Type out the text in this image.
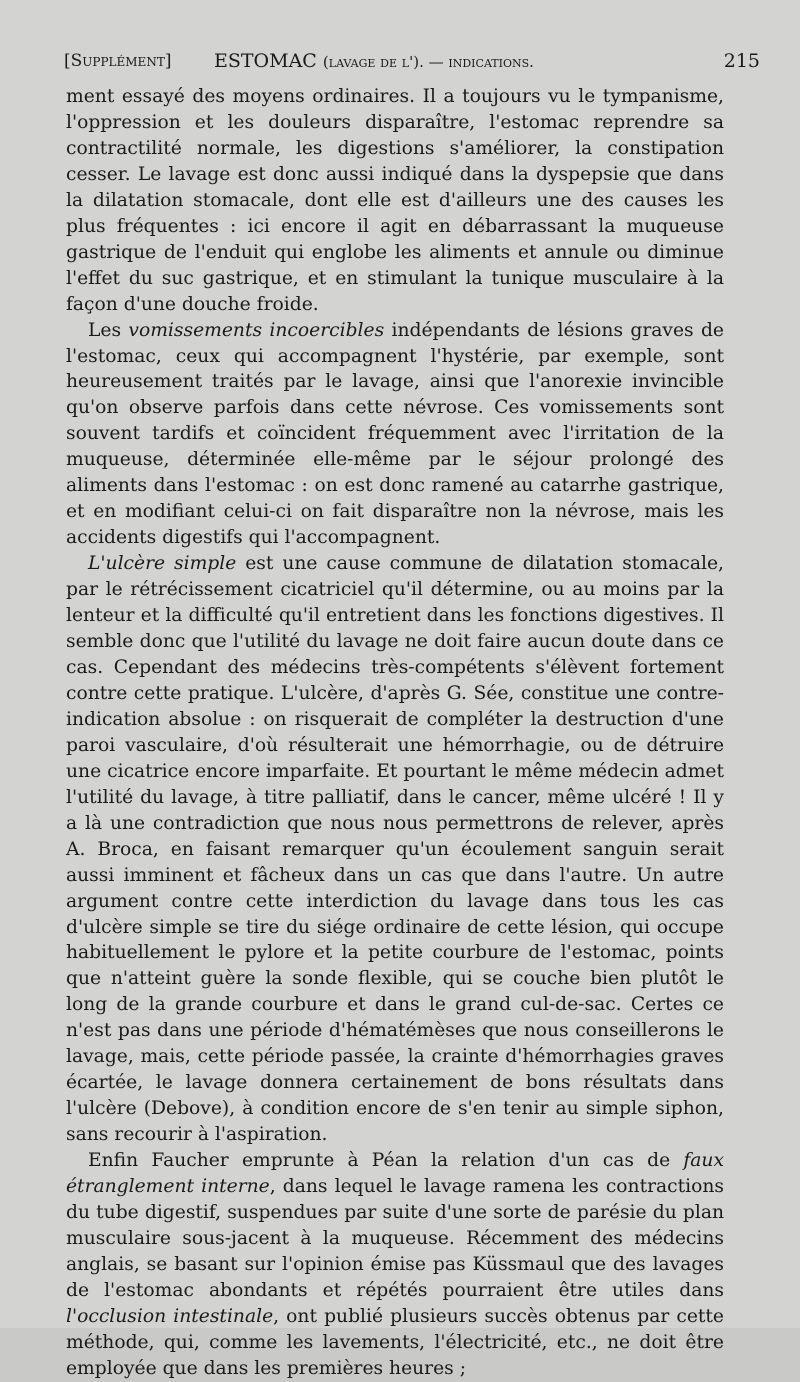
[Supplément] ESTOMAC (lavage de l'). — indications.	215

ment essayé des moyens ordinaires. Il a toujours vu le tympanisme, l'oppression et les douleurs disparaître, l'estomac reprendre sa contractilité normale, les digestions s'améliorer, la constipation cesser. Le lavage est donc aussi indiqué dans la dyspepsie que dans la dilatation stomacale, dont elle est d'ailleurs une des causes les plus fréquentes : ici encore il agit en débarrassant la muqueuse gastrique de l'enduit qui englobe les aliments et annule ou diminue l'effet du suc gastrique, et en stimulant la tunique musculaire à la façon d'une douche froide.

Les vomissements incoercibles indépendants de lésions graves de l'estomac, ceux qui accompagnent l'hystérie, par exemple, sont heureusement traités par le lavage, ainsi que l'anorexie invincible qu'on observe parfois dans cette névrose. Ces vomissements sont souvent tardifs et coïncident fréquemment avec l'irritation de la muqueuse, déterminée elle-même par le séjour prolongé des aliments dans l'estomac : on est donc ramené au catarrhe gastrique, et en modifiant celui-ci on fait disparaître non la névrose, mais les accidents digestifs qui l'accompagnent.

L'ulcère simple est une cause commune de dilatation stomacale, par le rétrécissement cicatriciel qu'il détermine, ou au moins par la lenteur et la difficulté qu'il entretient dans les fonctions digestives. Il semble donc que l'utilité du lavage ne doit faire aucun doute dans ce cas. Cependant des médecins très-compétents s'élèvent fortement contre cette pratique. L'ulcère, d'après G. Sée, constitue une contre-indication absolue : on risquerait de compléter la destruction d'une paroi vasculaire, d'où résulterait une hémorrhagie, ou de détruire une cicatrice encore imparfaite. Et pourtant le même médecin admet l'utilité du lavage, à titre palliatif, dans le cancer, même ulcéré ! Il y a là une contradiction que nous nous permettrons de relever, après A. Broca, en faisant remarquer qu'un écoulement sanguin serait aussi imminent et fâcheux dans un cas que dans l'autre. Un autre argument contre cette interdiction du lavage dans tous les cas d'ulcère simple se tire du siége ordinaire de cette lésion, qui occupe habituellement le pylore et la petite courbure de l'estomac, points que n'atteint guère la sonde flexible, qui se couche bien plutôt le long de la grande courbure et dans le grand cul-de-sac. Certes ce n'est pas dans une période d'hématémèses que nous conseillerons le lavage, mais, cette période passée, la crainte d'hémorrhagies graves écartée, le lavage donnera certainement de bons résultats dans l'ulcère (Debove), à condition encore de s'en tenir au simple siphon, sans recourir à l'aspiration.

Enfin Faucher emprunte à Péan la relation d'un cas de faux étranglement interne, dans lequel le lavage ramena les contractions du tube digestif, suspendues par suite d'une sorte de parésie du plan musculaire sous-jacent à la muqueuse. Récemment des médecins anglais, se basant sur l'opinion émise pas Küssmaul que des lavages de l'estomac abondants et répétés pourraient être utiles dans l'occlusion intestinale, ont publié plusieurs succès obtenus par cette méthode, qui, comme les lavements, l'électricité, etc., ne doit être employée que dans les premières heures ;
